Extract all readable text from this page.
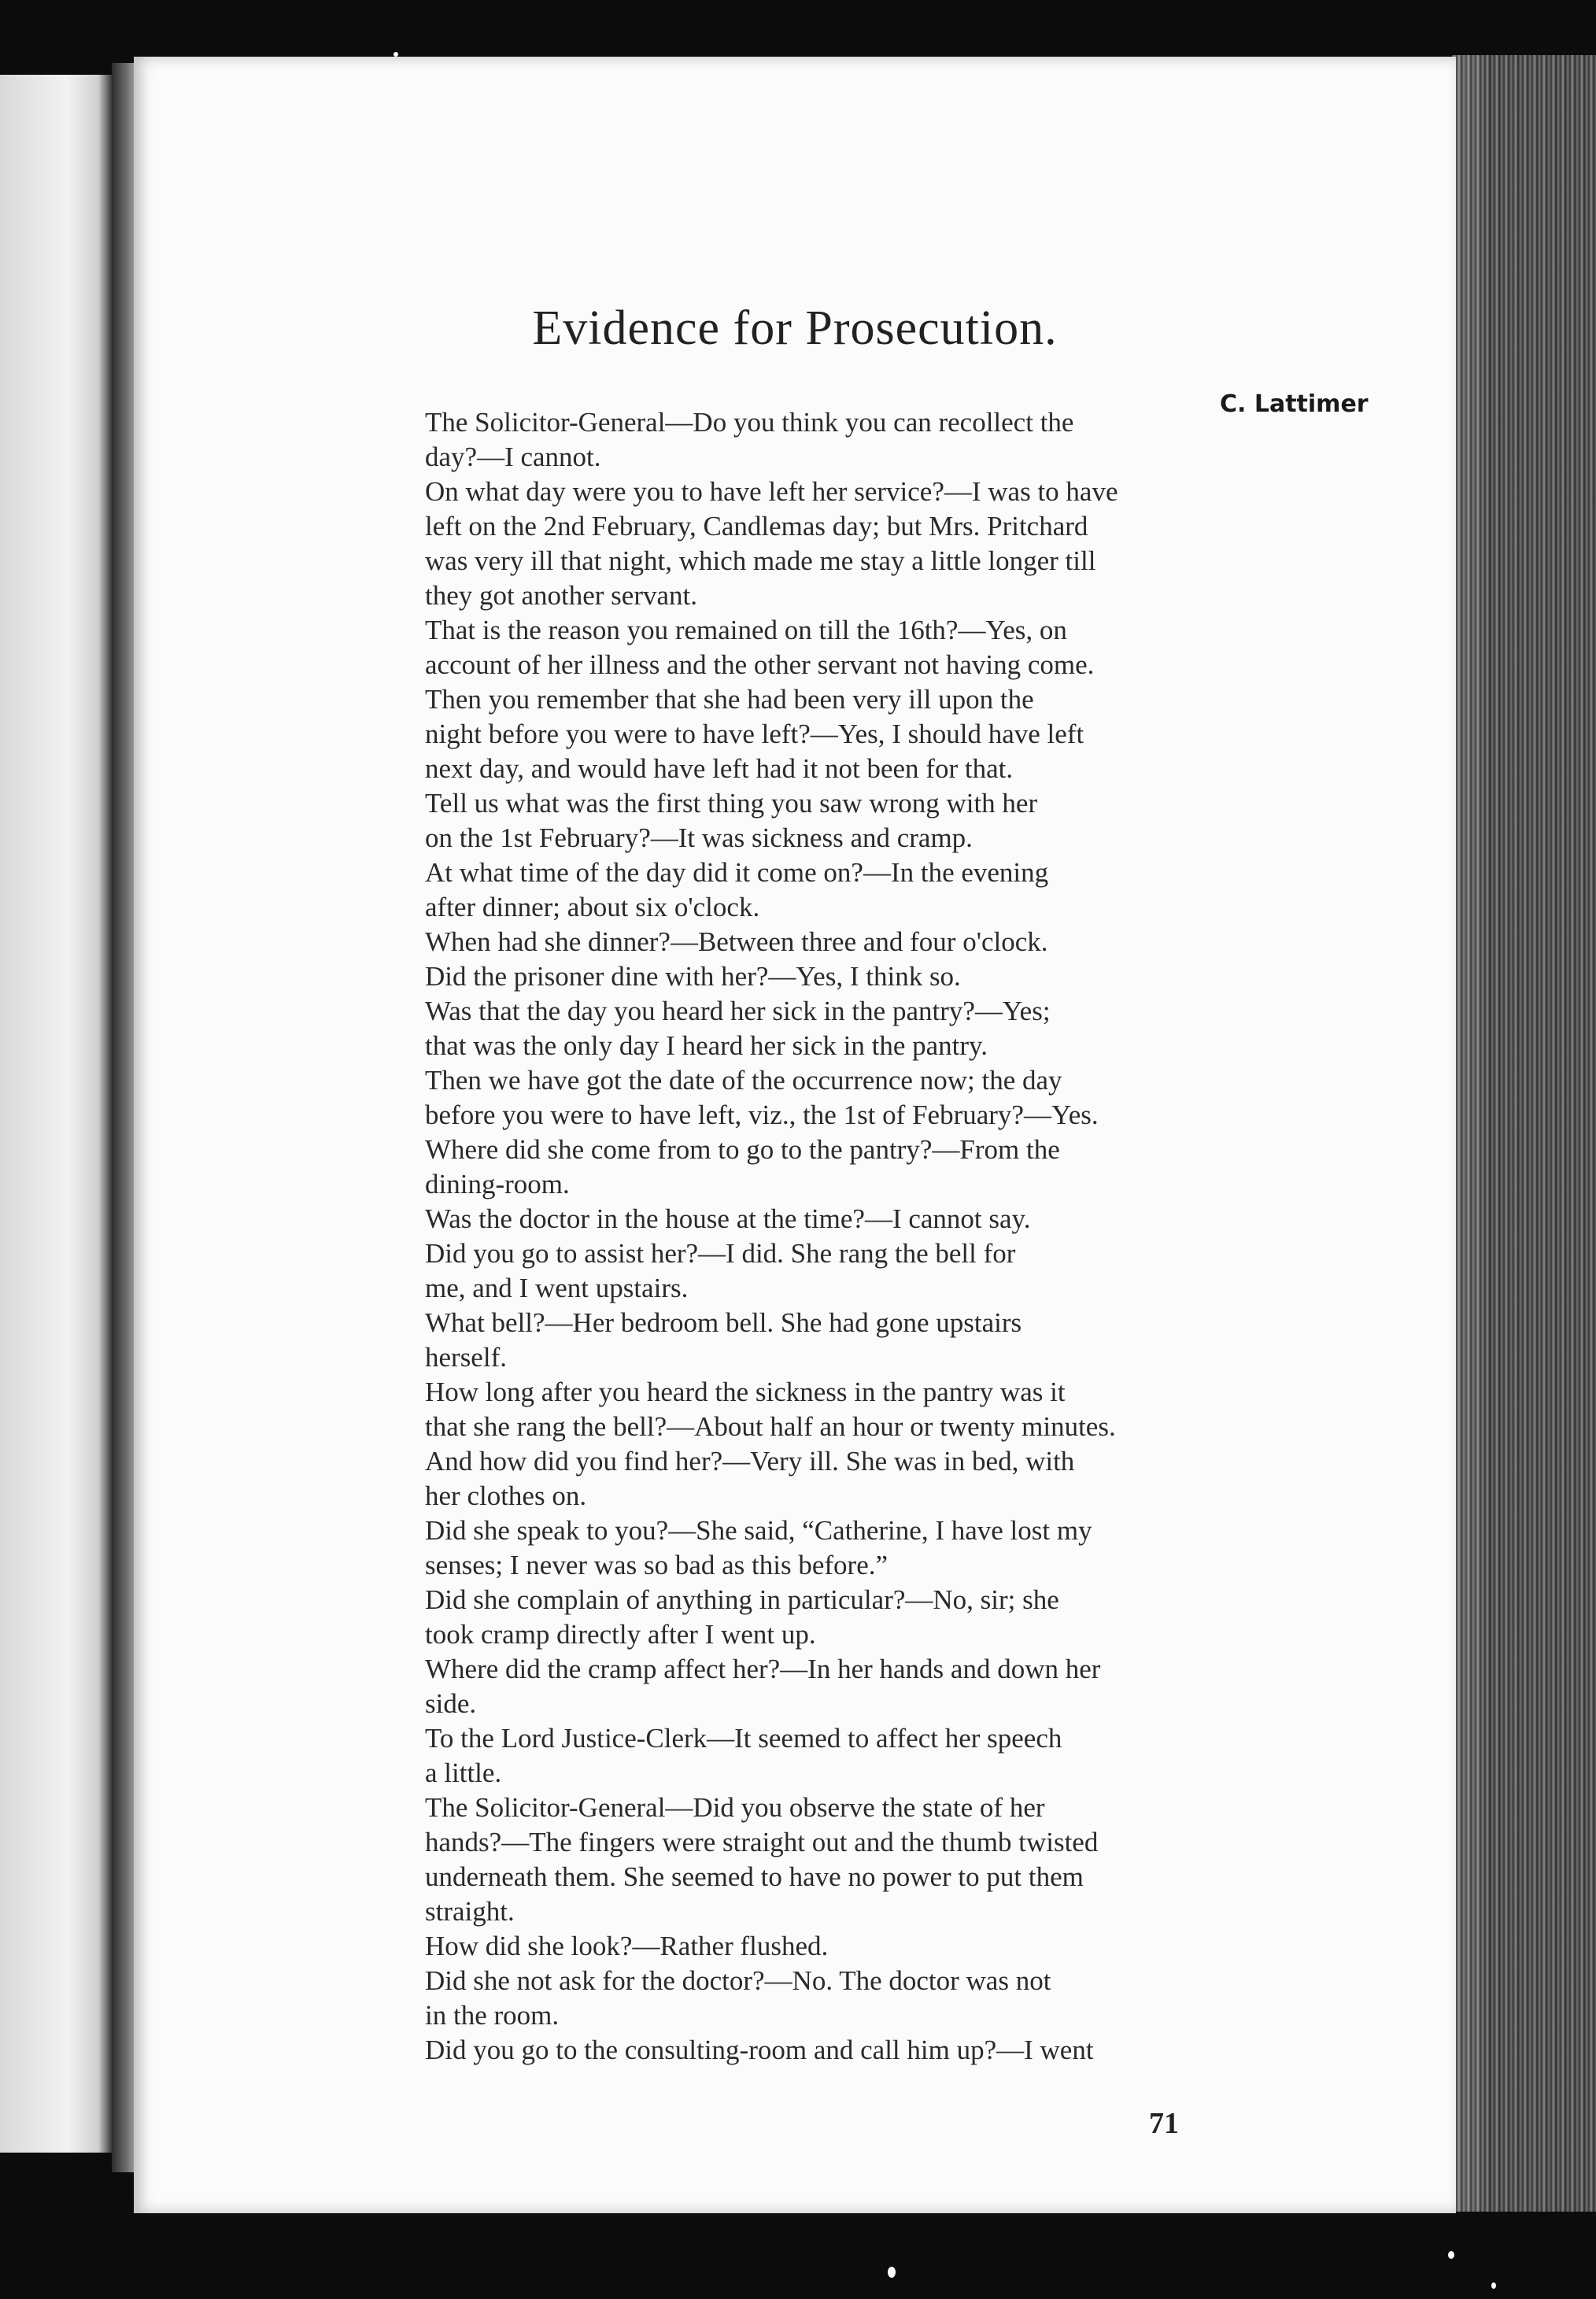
Evidence for Prosecution.
C. Lattimer
The Solicitor-General—Do you think you can recollect the
day?—I cannot.
On what day were you to have left her service?—I was to have
left on the 2nd February, Candlemas day; but Mrs. Pritchard
was very ill that night, which made me stay a little longer till
they got another servant.
That is the reason you remained on till the 16th?—Yes, on
account of her illness and the other servant not having come.
Then you remember that she had been very ill upon the
night before you were to have left?—Yes, I should have left
next day, and would have left had it not been for that.
Tell us what was the first thing you saw wrong with her
on the 1st February?—It was sickness and cramp.
At what time of the day did it come on?—In the evening
after dinner; about six o'clock.
When had she dinner?—Between three and four o'clock.
Did the prisoner dine with her?—Yes, I think so.
Was that the day you heard her sick in the pantry?—Yes;
that was the only day I heard her sick in the pantry.
Then we have got the date of the occurrence now; the day
before you were to have left, viz., the 1st of February?—Yes.
Where did she come from to go to the pantry?—From the
dining-room.
Was the doctor in the house at the time?—I cannot say.
Did you go to assist her?—I did. She rang the bell for
me, and I went upstairs.
What bell?—Her bedroom bell. She had gone upstairs
herself.
How long after you heard the sickness in the pantry was it
that she rang the bell?—About half an hour or twenty minutes.
And how did you find her?—Very ill. She was in bed, with
her clothes on.
Did she speak to you?—She said, “Catherine, I have lost my
senses; I never was so bad as this before.”
Did she complain of anything in particular?—No, sir; she
took cramp directly after I went up.
Where did the cramp affect her?—In her hands and down her
side.
To the Lord Justice-Clerk—It seemed to affect her speech
a little.
The Solicitor-General—Did you observe the state of her
hands?—The fingers were straight out and the thumb twisted
underneath them. She seemed to have no power to put them
straight.
How did she look?—Rather flushed.
Did she not ask for the doctor?—No. The doctor was not
in the room.
Did you go to the consulting-room and call him up?—I went
71
